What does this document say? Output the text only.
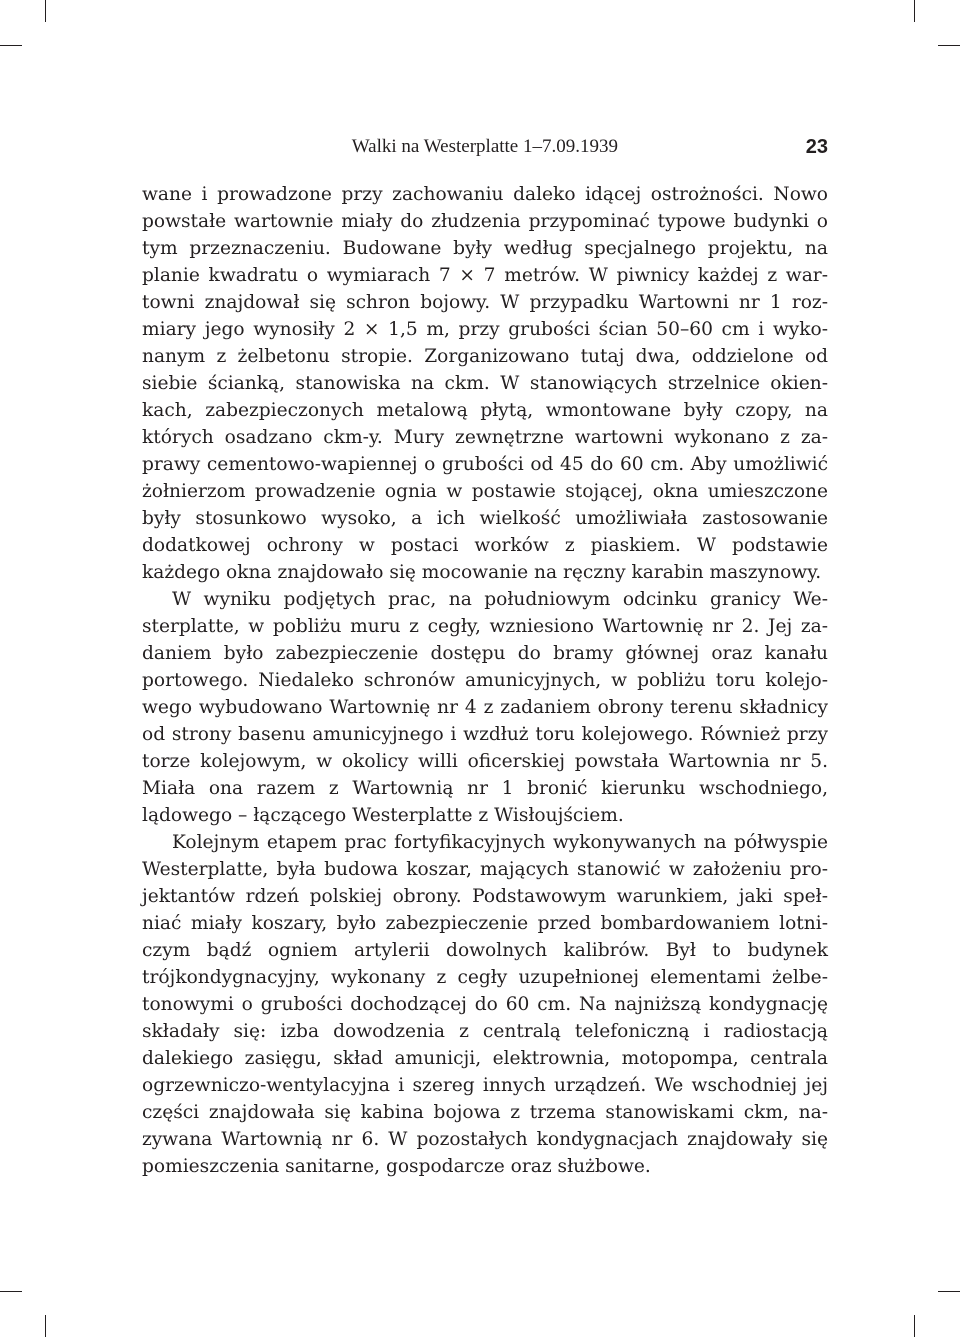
Walki na Westerplatte 1–7.09.1939	23

wane i prowadzone przy zachowaniu daleko idącej ostrożności. Nowo powstałe wartownie miały do złudzenia przypominać typowe budynki o tym przeznaczeniu. Budowane były według specjalnego projektu, na planie kwadratu o wymiarach 7 × 7 metrów. W piwnicy każdej z wartowni znajdował się schron bojowy. W przypadku Wartowni nr 1 rozmiary jego wynosiły 2 × 1,5 m, przy grubości ścian 50–60 cm i wykonanym z żelbetonu stropie. Zorganizowano tutaj dwa, oddzielone od siebie ścianką, stanowiska na ckm. W stanowiących strzelnice okienkach, zabezpieczonych metalową płytą, wmontowane były czopy, na których osadzano ckm-y. Mury zewnętrzne wartowni wykonano z zaprawy cementowo-wapiennej o grubości od 45 do 60 cm. Aby umożliwić żołnierzom prowadzenie ognia w postawie stojącej, okna umieszczone były stosunkowo wysoko, a ich wielkość umożliwiała zastosowanie dodatkowej ochrony w postaci worków z piaskiem. W podstawie każdego okna znajdowało się mocowanie na ręczny karabin maszynowy.

W wyniku podjętych prac, na południowym odcinku granicy Westerplatte, w pobliżu muru z cegły, wzniesiono Wartownię nr 2. Jej zadaniem było zabezpieczenie dostępu do bramy głównej oraz kanału portowego. Niedaleko schronów amunicyjnych, w pobliżu toru kolejowego wybudowano Wartownię nr 4 z zadaniem obrony terenu składnicy od strony basenu amunicyjnego i wzdłuż toru kolejowego. Również przy torze kolejowym, w okolicy willi oficerskiej powstała Wartownia nr 5. Miała ona razem z Wartownią nr 1 bronić kierunku wschodniego, lądowego – łączącego Westerplatte z Wisłoujściem.

Kolejnym etapem prac fortyfikacyjnych wykonywanych na półwyspie Westerplatte, była budowa koszar, mających stanowić w założeniu projektantów rdzeń polskiej obrony. Podstawowym warunkiem, jaki spełniać miały koszary, było zabezpieczenie przed bombardowaniem lotniczym bądź ogniem artylerii dowolnych kalibrów. Był to budynek trójkondygnacyjny, wykonany z cegły uzupełnionej elementami żelbetonowymi o grubości dochodzącej do 60 cm. Na najniższą kondygnację składały się: izba dowodzenia z centralą telefoniczną i radiostacją dalekiego zasięgu, skład amunicji, elektrownia, motopompa, centrala ogrzewniczo-wentylacyjna i szereg innych urządzeń. We wschodniej jej części znajdowała się kabina bojowa z trzema stanowiskami ckm, nazywana Wartownią nr 6. W pozostałych kondygnacjach znajdowały się pomieszczenia sanitarne, gospodarcze oraz służbowe.
